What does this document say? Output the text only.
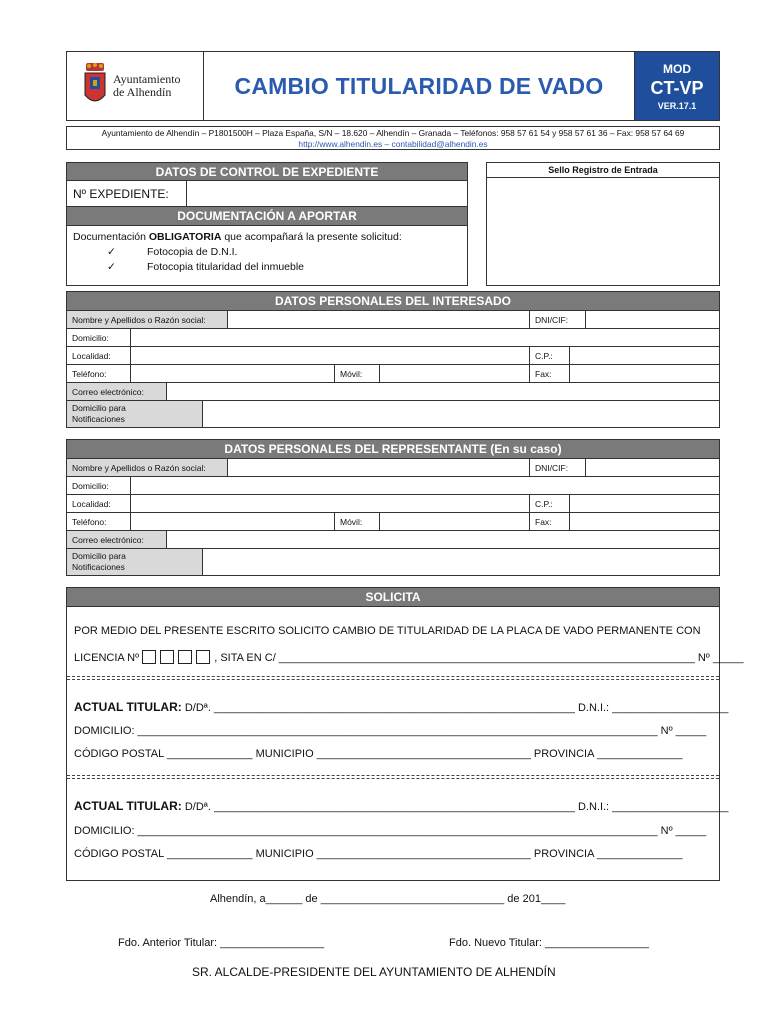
Ayuntamiento
de Alhendín	CAMBIO TITULARIDAD DE VADO
MOD
CT-VP
VER.17.1
Ayuntamiento de Alhendín – P1801500H – Plaza España, S/N – 18.620 – Alhendín – Granada – Teléfonos: 958 57 61 54 y 958 57 61 36 – Fax: 958 57 64 69
http://www.alhendin.es – contabilidad@alhendin.es
DATOS DE CONTROL DE EXPEDIENTE
Nº EXPEDIENTE:
DOCUMENTACIÓN A APORTAR
Documentación OBLIGATORIA que acompañará la presente solicitud:
✓	Fotocopia de D.N.I.
✓	Fotocopia titularidad del inmueble
Sello Registro de Entrada
DATOS PERSONALES DEL INTERESADO
Nombre y Apellidos o Razón social:	DNI/CIF:
Domicilio:
Localidad:	C.P.:
Teléfono:	Móvil:	Fax:
Correo electrónico:
Domicilio para
Notificaciones
DATOS PERSONALES DEL REPRESENTANTE (En su caso)
Nombre y Apellidos o Razón social:	DNI/CIF:
Domicilio:
Localidad:	C.P.:
Teléfono:	Móvil:	Fax:
Correo electrónico:
Domicilio para
Notificaciones
SOLICITA

POR MEDIO DEL PRESENTE ESCRITO SOLICITO CAMBIO DE TITULARIDAD DE LA PLACA DE VADO PERMANENTE CON

LICENCIA Nº	, SITA EN C/ ____________________________________________________________________ Nº _____

ACTUAL TITULAR: D/Dª. ___________________________________________________________ D.N.I.: ___________________

DOMICILIO: _____________________________________________________________________________________ Nº _____

CÓDIGO POSTAL ______________ MUNICIPIO ___________________________________ PROVINCIA ______________

ACTUAL TITULAR: D/Dª. ___________________________________________________________ D.N.I.: ___________________

DOMICILIO: _____________________________________________________________________________________ Nº _____

CÓDIGO POSTAL ______________ MUNICIPIO ___________________________________ PROVINCIA ______________

Alhendín, a______ de ______________________________ de 201____
Fdo. Anterior Titular: _________________	Fdo. Nuevo Titular: _________________
SR. ALCALDE-PRESIDENTE DEL AYUNTAMIENTO DE ALHENDÍN
